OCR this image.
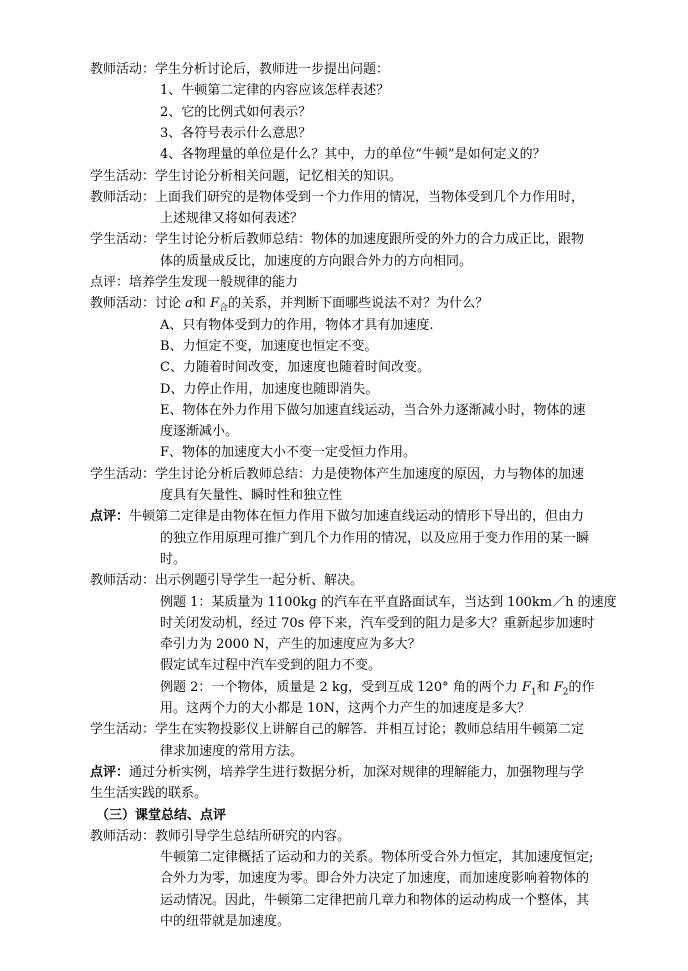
教师活动：学生分析讨论后，教师进一步提出问题：
1、牛顿第二定律的内容应该怎样表述？
2、它的比例式如何表示？
3、各符号表示什么意思？
4、各物理量的单位是什么？其中，力的单位“牛顿”是如何定义的？
学生活动：学生讨论分析相关问题，记忆相关的知识。
教师活动：上面我们研究的是物体受到一个力作用的情况，当物体受到几个力作用时，
上述规律又将如何表述？
学生活动：学生讨论分析后教师总结：物体的加速度跟所受的外力的合力成正比，跟物
体的质量成反比，加速度的方向跟合外力的方向相同。
点评：培养学生发现一般规律的能力
教师活动：讨论 a和 $F_合$的关系，并判断下面哪些说法不对？为什么？
A、只有物体受到力的作用，物体才具有加速度.
B、力恒定不变，加速度也恒定不变。
C、力随着时间改变，加速度也随着时间改变。
D、力停止作用，加速度也随即消失。
E、物体在外力作用下做匀加速直线运动，当合外力逐渐减小时，物体的速
度逐渐减小。
F、物体的加速度大小不变一定受恒力作用。
学生活动：学生讨论分析后教师总结：力是使物体产生加速度的原因，力与物体的加速
度具有矢量性、瞬时性和独立性
点评：牛顿第二定律是由物体在恒力作用下做匀加速直线运动的情形下导出的，但由力
的独立作用原理可推广到几个力作用的情况，以及应用于变力作用的某一瞬
时。
教师活动：出示例题引导学生一起分析、解决。
例题 1：某质量为 1100kg 的汽车在平直路面试车，当达到 100km／h 的速度
时关闭发动机，经过 70s 停下来，汽车受到的阻力是多大？重新起步加速时
牵引力为 2000 N，产生的加速度应为多大？
假定试车过程中汽车受到的阻力不变。
例题 2：一个物体，质量是 2 kg，受到互成 120° 角的两个力 $F_1$和 $F_2$的作
用。这两个力的大小都是 10N，这两个力产生的加速度是多大？
学生活动：学生在实物投影仪上讲解自己的解答．并相互讨论；教师总结用牛顿第二定
律求加速度的常用方法。
点评：通过分析实例，培养学生进行数据分析，加深对规律的理解能力，加强物理与学
生生活实践的联系。
（三）课堂总结、点评
教师活动：教师引导学生总结所研究的内容。
牛顿第二定律概括了运动和力的关系。物体所受合外力恒定，其加速度恒定;
合外力为零，加速度为零。即合外力决定了加速度，而加速度影响着物体的
运动情况。因此，牛顿第二定律把前几章力和物体的运动构成一个整体，其
中的纽带就是加速度。
